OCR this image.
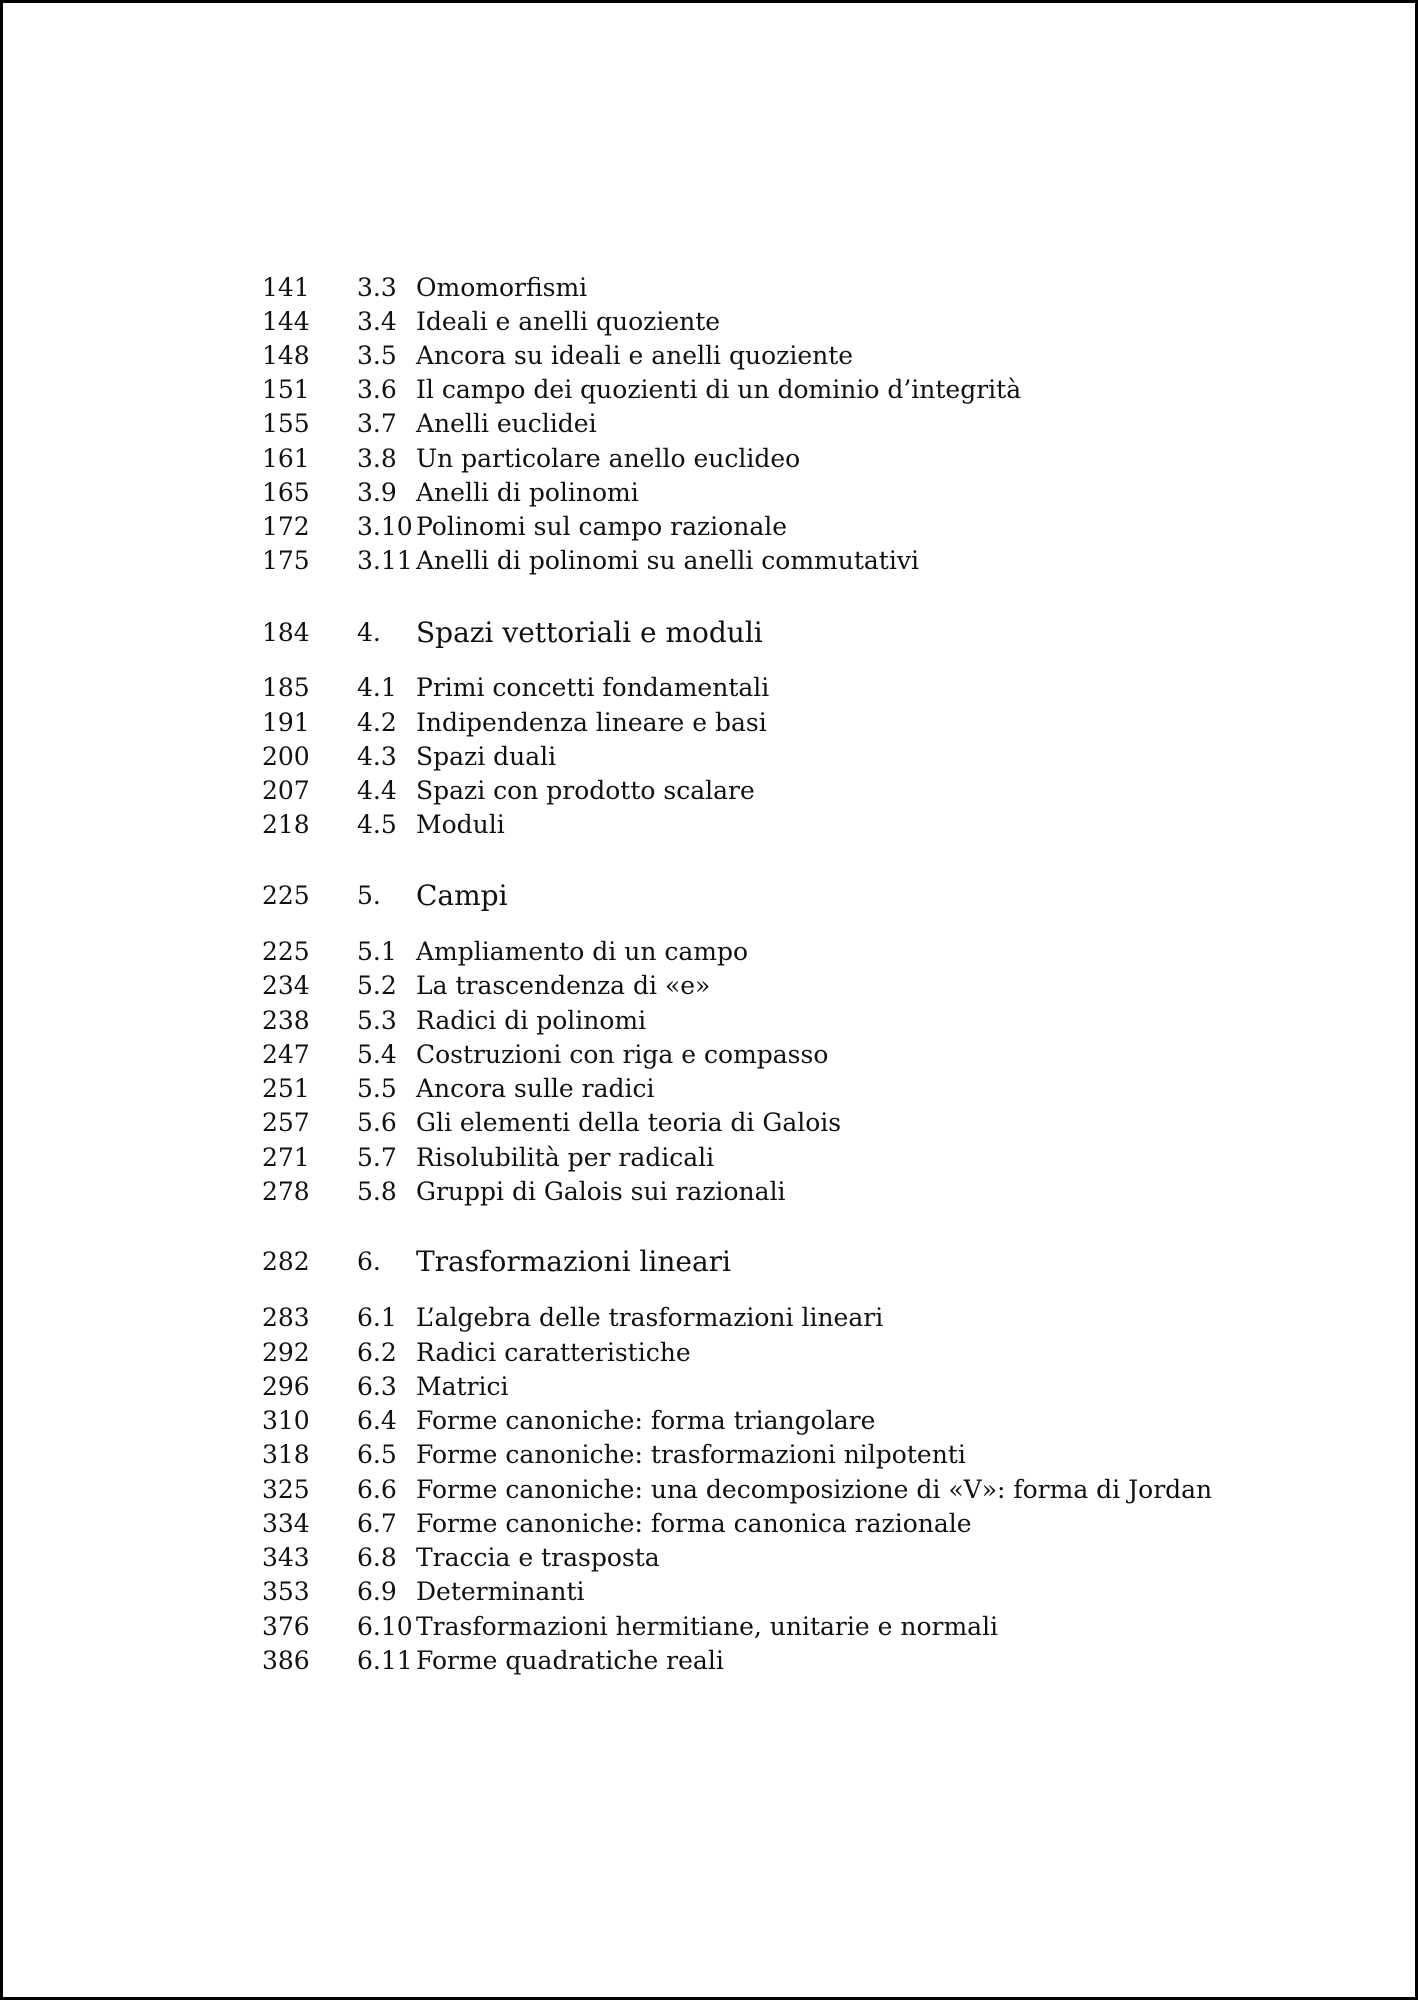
141 3.3 Omomorfismi
144 3.4 Ideali e anelli quoziente
148 3.5 Ancora su ideali e anelli quoziente
151 3.6 Il campo dei quozienti di un dominio d’integrità
155 3.7 Anelli euclidei
161 3.8 Un particolare anello euclideo
165 3.9 Anelli di polinomi
172 3.10 Polinomi sul campo razionale
175 3.11 Anelli di polinomi su anelli commutativi
184 4. Spazi vettoriali e moduli
185 4.1 Primi concetti fondamentali
191 4.2 Indipendenza lineare e basi
200 4.3 Spazi duali
207 4.4 Spazi con prodotto scalare
218 4.5 Moduli
225 5. Campi
225 5.1 Ampliamento di un campo
234 5.2 La trascendenza di «e»
238 5.3 Radici di polinomi
247 5.4 Costruzioni con riga e compasso
251 5.5 Ancora sulle radici
257 5.6 Gli elementi della teoria di Galois
271 5.7 Risolubilità per radicali
278 5.8 Gruppi di Galois sui razionali
282 6. Trasformazioni lineari
283 6.1 L’algebra delle trasformazioni lineari
292 6.2 Radici caratteristiche
296 6.3 Matrici
310 6.4 Forme canoniche: forma triangolare
318 6.5 Forme canoniche: trasformazioni nilpotenti
325 6.6 Forme canoniche: una decomposizione di «V»: forma di Jordan
334 6.7 Forme canoniche: forma canonica razionale
343 6.8 Traccia e trasposta
353 6.9 Determinanti
376 6.10 Trasformazioni hermitiane, unitarie e normali
386 6.11 Forme quadratiche reali
